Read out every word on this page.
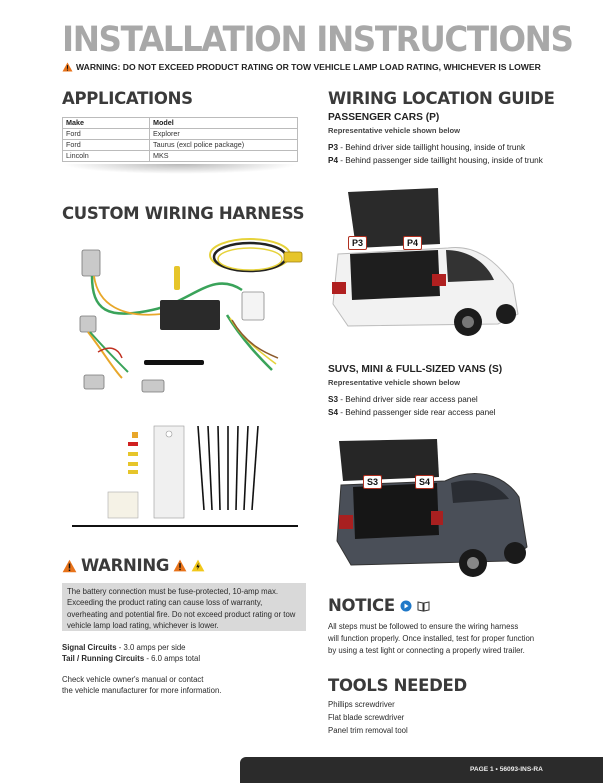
INSTALLATION INSTRUCTIONS
WARNING: DO NOT EXCEED PRODUCT RATING OR TOW VEHICLE LAMP LOAD RATING, WHICHEVER IS LOWER
APPLICATIONS
Make	Model
Ford	Explorer
Ford	Taurus (excl police package)
Lincoln	MKS
CUSTOM WIRING HARNESS
WARNING
The battery connection must be fuse-protected, 10-amp max. Exceeding the product rating can cause loss of warranty, overheating and potential fire. Do not exceed product rating or tow vehicle lamp load rating, whichever is lower.
Signal Circuits - 3.0 amps per side
Tail / Running Circuits - 6.0 amps total
Check vehicle owner's manual or contact
the vehicle manufacturer for more information.
WIRING LOCATION GUIDE
PASSENGER CARS (P)
Representative vehicle shown below
P3 - Behind driver side taillight housing, inside of trunk
P4 - Behind passenger side taillight housing, inside of trunk
P3	P4
SUVS, MINI & FULL-SIZED VANS (S)
Representative vehicle shown below
S3 - Behind driver side rear access panel
S4 - Behind passenger side rear access panel
S3	S4
NOTICE
All steps must be followed to ensure the wiring harness
will function properly. Once installed, test for proper function
by using a test light or connecting a properly wired trailer.
TOOLS NEEDED
Phillips screwdriver
Flat blade screwdriver
Panel trim removal tool
PAGE 1 • 56093-INS-RA
